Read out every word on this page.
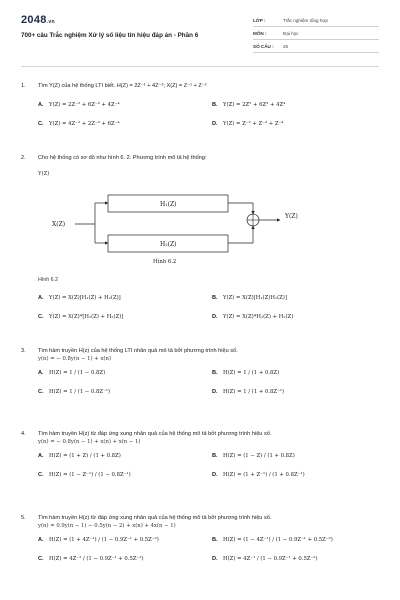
2048.vn
700+ câu Trắc nghiệm Xử lý số liệu tín hiệu đáp án - Phần 6
LỚP :	Trắc nghiệm tổng hợp
MÔN :	Đại học
SỐ CÂU :	25
1.	Tìm Y(Z) của hệ thống LTI biết. H(Z) = 2Z⁻¹ + 4Z⁻²; X(Z) = Z⁻¹ + Z⁻²
A.	Y(Z) = 2Z⁻² + 6Z⁻³ + 4Z⁻⁴	B.	Y(Z) = 2Z² + 6Z³ + 4Z⁴
C.	Y(Z) = 4Z⁻² + 2Z⁻³ + 6Z⁻⁴	D.	Y(Z) = Z⁻² + Z⁻³ + Z⁻⁴
2.	Cho hệ thống có sơ đồ như hình 6. 2. Phương trình mô tả hệ thống:
Y(Z)
X(Z)
H₁(Z)
H₂(Z)
Y(Z)
Hình 6.2
Hình 6.2
A.	Y(Z) = X(Z)[H₁(Z) + H₂(Z)]	B.	Y(Z) = X(Z)[H₁(Z)H₂(Z)]
C.	Y(Z) = X(Z)*[H₁(Z) + H₂(Z)]	D.	Y(Z) = X(Z)*H₁(Z) + H₂(Z)
3.	Tìm hàm truyền H(z) của hệ thống LTI nhân quả mô tả bởi phương trình hiệu số.
y(n) = − 0.8y(n − 1) + x(n)
A.	H(Z) = 1 / (1 − 0.8Z)	B.	H(Z) = 1 / (1 + 0.8Z)
C.	H(Z) = 1 / (1 − 0.8Z⁻¹)	D.	H(Z) = 1 / (1 + 0.8Z⁻¹)
4.	Tìm hàm truyền H(z) từ đáp ứng xung nhân quả của hệ thống mô tả bởi phương trình hiệu số.
y(n) = − 0.8y(n − 1) + x(n) + x(n − 1)
A.	H(Z) = (1 + Z) / (1 + 0.8Z)	B.	H(Z) = (1 − Z) / (1 + 0.8Z)
C.	H(Z) = (1 − Z⁻¹) / (1 − 0.8Z⁻¹)	D.	H(Z) = (1 + Z⁻¹) / (1 + 0.8Z⁻¹)
5.	Tìm hàm truyền H(z) từ đáp ứng xung nhân quả của hệ thống mô tả bởi phương trình hiệu số.
y(n) = 0.9y(n − 1) − 0.5y(n − 2) + x(n) + 4x(n − 1)
A.	H(Z) = (1 + 4Z⁻¹) / (1 − 0.9Z⁻¹ + 0.5Z⁻²)	B.	H(Z) = (1 − 4Z⁻¹) / (1 − 0.9Z⁻¹ + 0.5Z⁻²)
C.	H(Z) = 4Z⁻¹ / (1 − 0.9Z⁻¹ + 0.5Z⁻²)	D.	H(Z) = 4Z⁻¹ / (1 − 0.9Z⁻¹ + 0.5Z⁻²)
